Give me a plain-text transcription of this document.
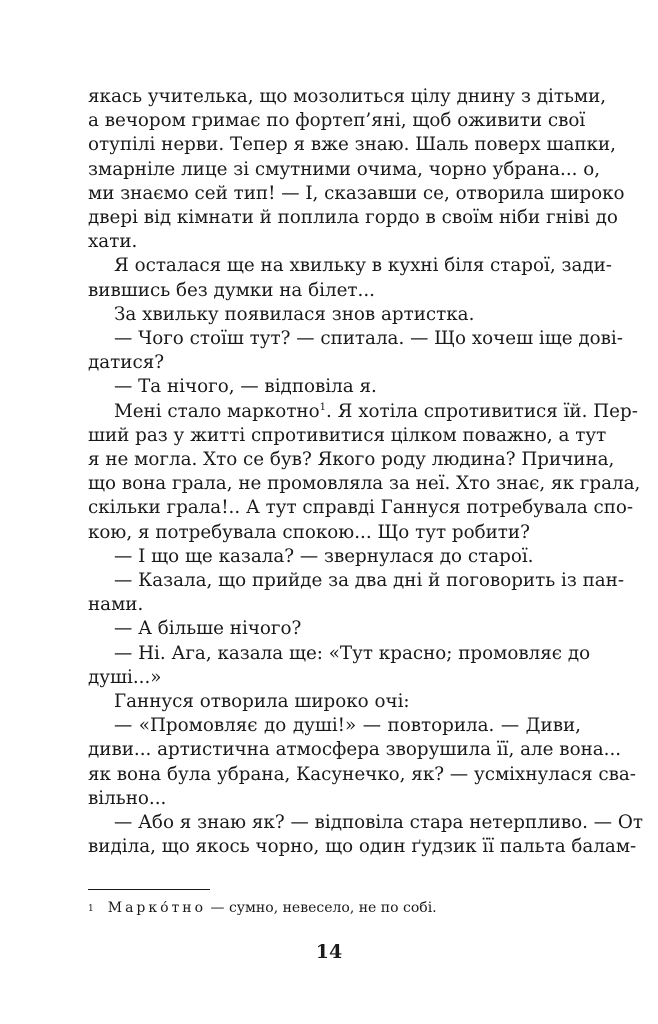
якась учителька, що мозолиться цілу днину з дітьми,

а вечором гримає по фортеп’яні, щоб оживити свої

отупілі нерви. Тепер я вже знаю. Шаль поверх шапки,

змарніле лице зі смутними очима, чорно убрана... о,

ми знаємо сей тип! — І, сказавши се, отворила широко

двері від кімнати й поплила гордо в своїм ніби гніві до

хати.

Я осталася ще на хвильку в кухні біля старої, зади-

вившись без думки на білет...

За хвильку появилася знов артистка.

— Чого стоїш тут? — спитала. — Що хочеш іще дові-

датися?

— Та нічого, — відповіла я.

Мені стало маркотно$^1$. Я хотіла спротивитися їй. Пер-

ший раз у житті спротивитися цілком поважно, а тут

я не могла. Хто се був? Якого роду людина? Причина,

що вона грала, не промовляла за неї. Хто знає, як грала,

скільки грала!.. А тут справді Ганнуся потребувала спо-

кою, я потребувала спокою... Що тут робити?

— І що ще казала? — звернулася до старої.

— Казала, що прийде за два дні й поговорить із пан-

нами.

— А більше нічого?

— Ні. Ага, казала ще: «Тут красно; промовляє до

душі...»

Ганнуся отворила широко очі:

— «Промовляє до душі!» — повторила. — Диви,

диви... артистична атмосфера зворушила її, але вона...

як вона була убрана, Касунечко, як? — усміхнулася сва-

вільно...

— Або я знаю як? — відповіла стара нетерпливо. — От

виділа, що якось чорно, що один ґудзик її пальта балам-

$^1$ Марко́тно — сумно, невесело, не по собі.
14
